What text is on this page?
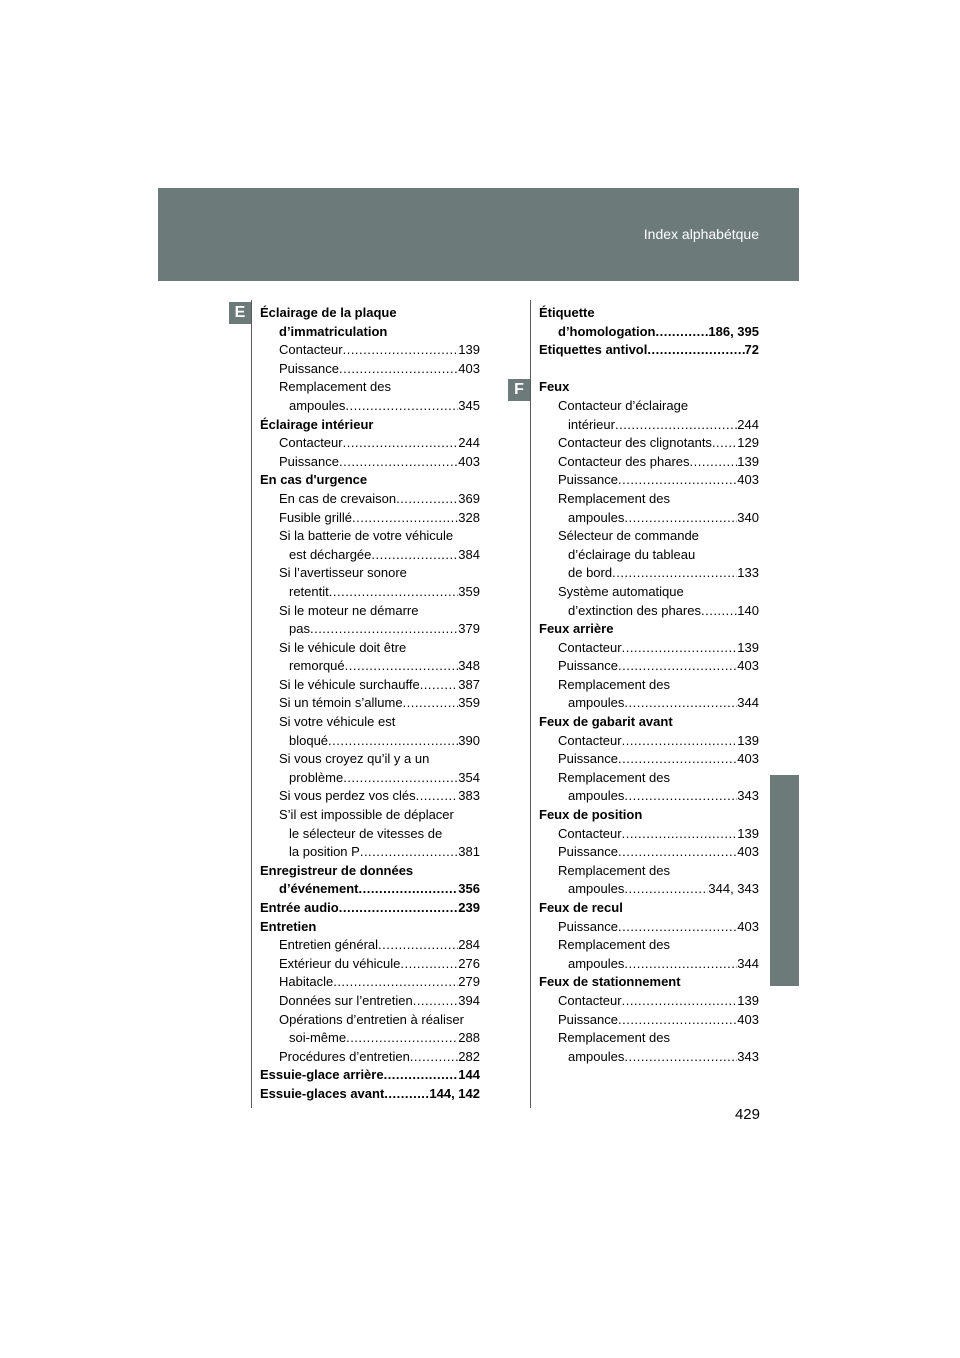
Index alphabétque
E
F
Éclairage de la plaque
d’immatriculation
Contacteur .....	139
Puissance .....	403
Remplacement des
ampoules .....	345
Éclairage intérieur
Contacteur .....	244
Puissance .....	403
En cas d'urgence
En cas de crevaison .....	369
Fusible grillé .....	328
Si la batterie de votre véhicule
est déchargée .....	384
Si l’avertisseur sonore
retentit .....	359
Si le moteur ne démarre
pas .....	379
Si le véhicule doit être
remorqué .....	348
Si le véhicule surchauffe .....	387
Si un témoin s’allume .....	359
Si votre véhicule est
bloqué .....	390
Si vous croyez qu’il y a un
problème .....	354
Si vous perdez vos clés .....	383
S’il est impossible de déplacer
le sélecteur de vitesses de
la position P .....	381
Enregistreur de données
d’événement .....	356
Entrée audio .....	239
Entretien
Entretien général .....	284
Extérieur du véhicule .....	276
Habitacle .....	279
Données sur l’entretien .....	394
Opérations d’entretien à réaliser
soi-même .....	288
Procédures d’entretien .....	282
Essuie-glace arrière .....	144
Essuie-glaces avant .....	144, 142
Étiquette
d’homologation .....	186, 395
Etiquettes antivol .....	72
Feux
Contacteur d’éclairage
intérieur .....	244
Contacteur des clignotants ..... 129
Contacteur des phares .....	139
Puissance .....	403
Remplacement des
ampoules .....	340
Sélecteur de commande
d’éclairage du tableau
de bord .....	133
Système automatique
d’extinction des phares .....	140
Feux arrière
Contacteur .....	139
Puissance .....	403
Remplacement des
ampoules .....	344
Feux de gabarit avant
Contacteur .....	139
Puissance .....	403
Remplacement des
ampoules .....	343
Feux de position
Contacteur .....	139
Puissance .....	403
Remplacement des
ampoules .....	344, 343
Feux de recul
Puissance .....	403
Remplacement des
ampoules .....	344
Feux de stationnement
Contacteur .....	139
Puissance .....	403
Remplacement des
ampoules .....	343
429
